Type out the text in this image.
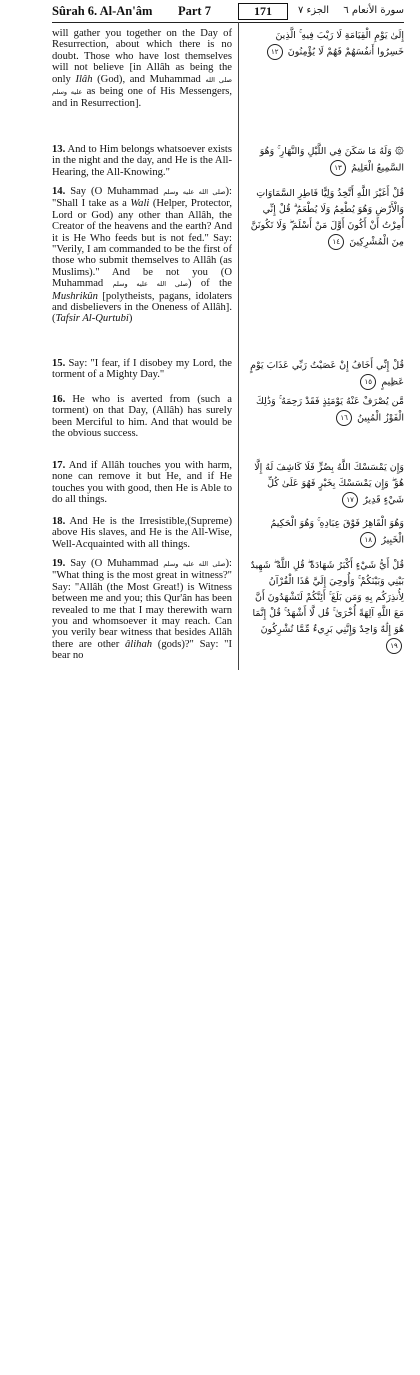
Sûrah 6. Al-An'âm Part 7	171	الجزء ٧ سورة الأنعام ٦

will gather you together on the Day of Resurrection, about which there is no doubt. Those who have lost themselves will not believe [in Allâh as being the only Ilâh (God), and Muhammad صلى الله عليه وسلم as being one of His Messengers, and in Resurrection].

إِلَىٰ يَوْمِ الْقِيَامَةِ لَا رَيْبَ فِيهِ ۚ الَّذِينَ خَسِرُوا أَنفُسَهُمْ فَهُمْ لَا يُؤْمِنُونَ ١٢

13. And to Him belongs whatsoever exists in the night and the day, and He is the All-Hearing, the All-Knowing."

۞ وَلَهُ مَا سَكَنَ فِي اللَّيْلِ وَالنَّهَارِ ۚ وَهُوَ السَّمِيعُ الْعَلِيمُ ١٣

14. Say (O Muhammad صلى الله عليه وسلم): "Shall I take as a Wali (Helper, Protector, Lord or God) any other than Allâh, the Creator of the heavens and the earth? And it is He Who feeds but is not fed." Say: "Verily, I am commanded to be the first of those who submit themselves to Allâh (as Muslims)." And be not you (O Muhammad صلى الله عليه وسلم) of the Mushrikûn [polytheists, pagans, idolaters and disbelievers in the Oneness of Allâh]. (Tafsir Al-Qurtubi)

قُلْ أَغَيْرَ اللَّهِ أَتَّخِذُ وَلِيًّا فَاطِرِ السَّمَاوَاتِ وَالْأَرْضِ وَهُوَ يُطْعِمُ وَلَا يُطْعَمُ ۗ قُلْ إِنِّي أُمِرْتُ أَنْ أَكُونَ أَوَّلَ مَنْ أَسْلَمَ ۖ وَلَا تَكُونَنَّ مِنَ الْمُشْرِكِينَ ١٤

15. Say: "I fear, if I disobey my Lord, the torment of a Mighty Day."

قُلْ إِنِّي أَخَافُ إِنْ عَصَيْتُ رَبِّي عَذَابَ يَوْمٍ عَظِيمٍ ١٥

16. He who is averted from (such a torment) on that Day, (Allâh) has surely been Merciful to him. And that would be the obvious success.

مَّن يُصْرَفْ عَنْهُ يَوْمَئِذٍ فَقَدْ رَحِمَهُ ۚ وَذَٰلِكَ الْفَوْزُ الْمُبِينُ ١٦

17. And if Allâh touches you with harm, none can remove it but He, and if He touches you with good, then He is Able to do all things.

وَإِن يَمْسَسْكَ اللَّهُ بِضُرٍّ فَلَا كَاشِفَ لَهُ إِلَّا هُوَ ۖ وَإِن يَمْسَسْكَ بِخَيْرٍ فَهُوَ عَلَىٰ كُلِّ شَيْءٍ قَدِيرٌ ١٧

18. And He is the Irresistible,(Supreme) above His slaves, and He is the All-Wise, Well-Acquainted with all things.

وَهُوَ الْقَاهِرُ فَوْقَ عِبَادِهِ ۚ وَهُوَ الْحَكِيمُ الْخَبِيرُ ١٨

19. Say (O Muhammad صلى الله عليه وسلم): "What thing is the most great in witness?" Say: "Allâh (the Most Great!) is Witness between me and you; this Qur'ân has been revealed to me that I may therewith warn you and whomsoever it may reach. Can you verily bear witness that besides Allâh there are other âlihah (gods)?" Say: "I bear no

قُلْ أَيُّ شَيْءٍ أَكْبَرُ شَهَادَةً ۖ قُلِ اللَّهُ ۖ شَهِيدٌ بَيْنِي وَبَيْنَكُمْ ۚ وَأُوحِيَ إِلَيَّ هَٰذَا الْقُرْآنُ لِأُنذِرَكُم بِهِ وَمَن بَلَغَ ۚ أَئِنَّكُمْ لَتَشْهَدُونَ أَنَّ مَعَ اللَّهِ آلِهَةً أُخْرَىٰ ۚ قُل لَّا أَشْهَدُ ۚ قُلْ إِنَّمَا هُوَ إِلَٰهٌ وَاحِدٌ وَإِنَّنِي بَرِيءٌ مِّمَّا تُشْرِكُونَ ١٩
